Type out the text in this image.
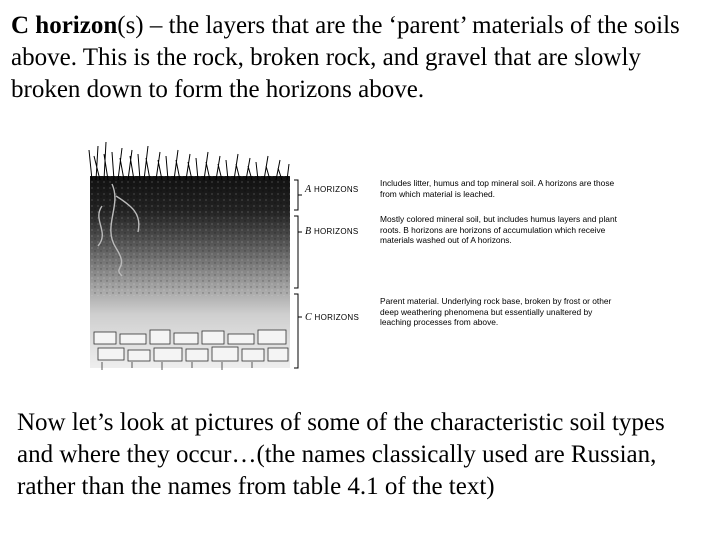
C horizon(s) – the layers that are the ‘parent’ materials of the soils above. This is the rock, broken rock, and gravel that are slowly broken down to form the horizons above.

A HORIZONS
B HORIZONS
C HORIZONS
Includes litter, humus and top mineral soil. A horizons are those from which material is leached.
Mostly colored mineral soil, but includes humus layers and plant roots. B horizons are horizons of accumulation which receive materials washed out of A horizons.
Parent material. Underlying rock base, broken by frost or other deep weathering phenomena but essentially unaltered by leaching processes from above.

Now let’s look at pictures of some of the characteristic soil types and where they occur…(the names classically used are Russian, rather than the names from table 4.1 of the text)
